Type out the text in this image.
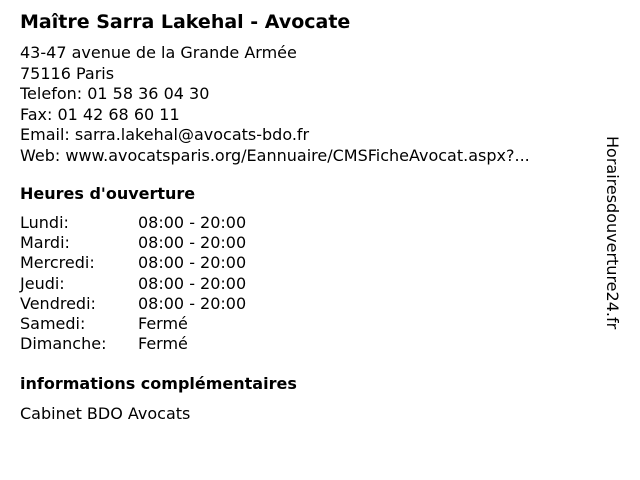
Maître Sarra Lakehal - Avocate
43-47 avenue de la Grande Armée
75116 Paris
Telefon: 01 58 36 04 30
Fax: 01 42 68 60 11
Email: sarra.lakehal@avocats-bdo.fr
Web: www.avocatsparis.org/Eannuaire/CMSFicheAvocat.aspx?...
Heures d'ouverture
Lundi:	08:00 - 20:00
Mardi:	08:00 - 20:00
Mercredi:	08:00 - 20:00
Jeudi:	08:00 - 20:00
Vendredi:	08:00 - 20:00
Samedi:	Fermé
Dimanche:	Fermé
informations complémentaires
Cabinet BDO Avocats
Horairesdouverture24.fr
